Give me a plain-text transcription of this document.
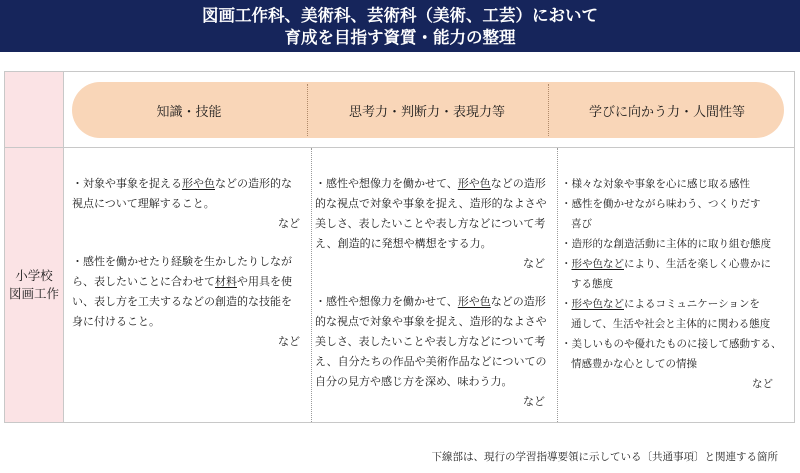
図画工作科、美術科、芸術科（美術、工芸）において
育成を目指す資質・能力の整理
小学校
図画工作
知識・技能	思考力・判断力・表現力等	学びに向かう力・人間性等
・対象や事象を捉える形や色などの造形的な
視点について理解すること。
など
・感性を働かせたり経験を生かしたりしなが
ら、表したいことに合わせて材料や用具を使
い、表し方を工夫するなどの創造的な技能を
身に付けること。
など
・感性や想像力を働かせて、形や色などの造形
的な視点で対象や事象を捉え、造形的なよさや
美しさ、表したいことや表し方などについて考
え、創造的に発想や構想をする力。
など
・感性や想像力を働かせて、形や色などの造形
的な視点で対象や事象を捉え、造形的なよさや
美しさ、表したいことや表し方などについて考
え、自分たちの作品や美術作品などについての
自分の見方や感じ方を深め、味わう力。
など
・様々な対象や事象を心に感じ取る感性
・感性を働かせながら味わう、つくりだす
喜び
・造形的な創造活動に主体的に取り組む態度
・形や色などにより、生活を楽しく心豊かに
する態度
・形や色などによるコミュニケーションを
通して、生活や社会と主体的に関わる態度
・美しいものや優れたものに接して感動する、
情感豊かな心としての情操
など
下線部は、現行の学習指導要領に示している〔共通事項〕と関連する箇所
